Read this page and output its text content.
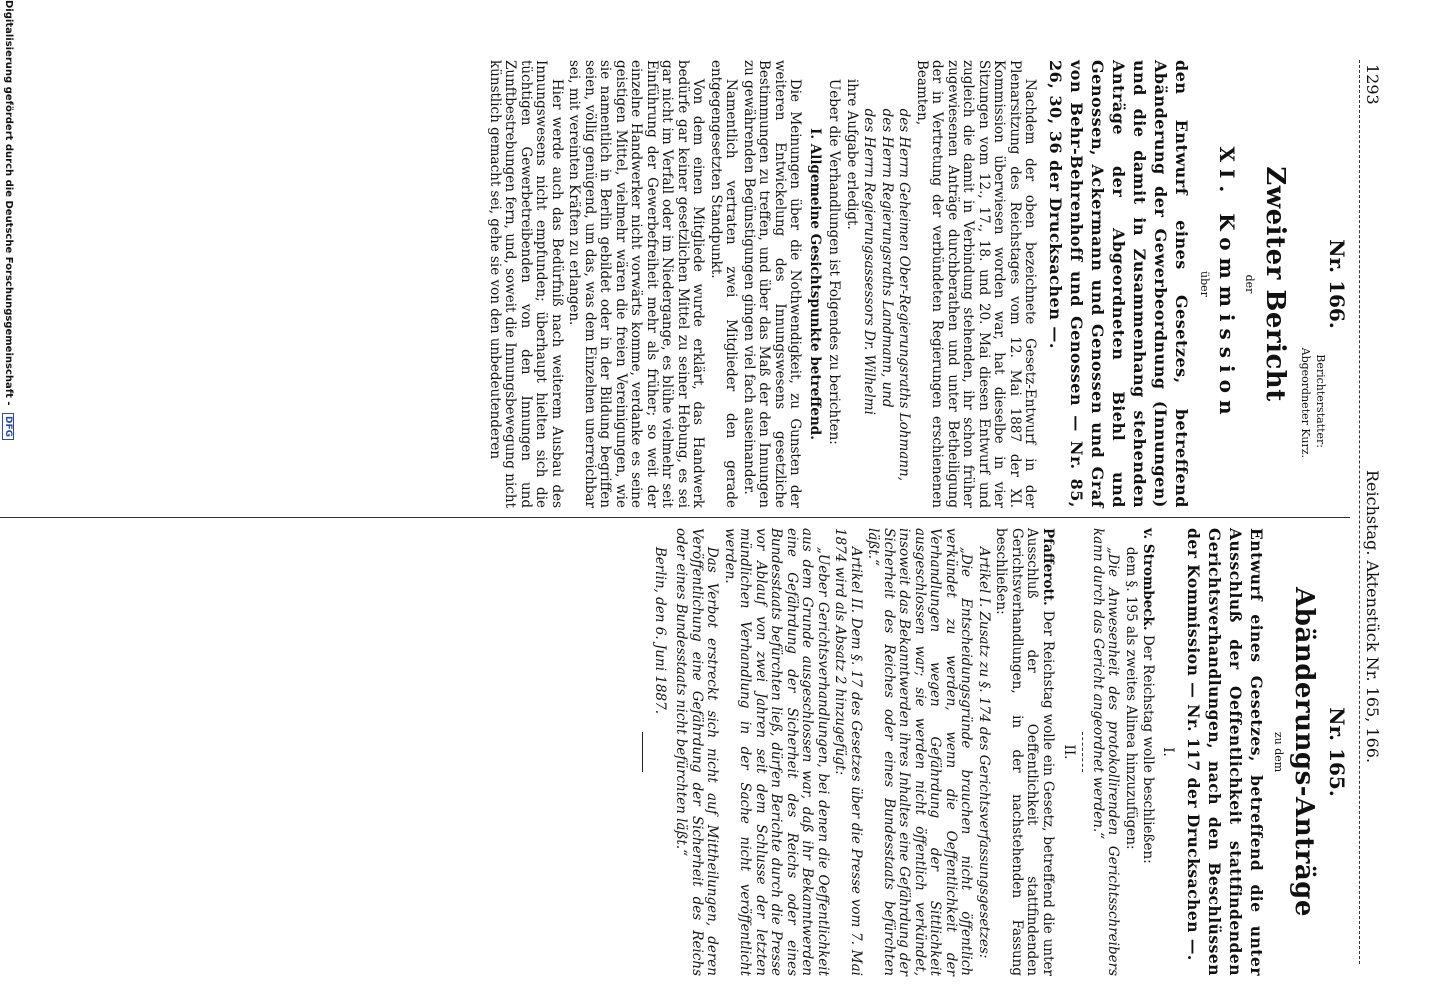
1293
Reichstag. Aktenstück Nr. 165, 166.
Nr. 166.
Berichterstatter:
Abgeordneter Kurz.
Zweiter Bericht
der
XI. Kommission
über
den Entwurf eines Gesetzes, betreffend Abänderung der Gewerbeordnung (Innungen) und die damit in Zusammenhang stehenden Anträge der Abgeordneten Biehl und Genossen, Ackermann und Genossen und Graf von Behr-Behrenhoff und Genossen — Nr. 85, 26, 30, 36 der Drucksachen —.

Nachdem der oben bezeichnete Gesetz-Entwurf in der Plenarsitzung des Reichstages vom 12. Mai 1887 der XI. Kommission überwiesen worden war, hat dieselbe in vier Sitzungen vom 12., 17., 18. und 20. Mai diesen Entwurf und zugleich die damit in Verbindung stehenden, ihr schon früher zugewiesenen Anträge durchberathen und unter Betheiligung der in Vertretung der verbündeten Regierungen erschienenen Beamten,

des Herrn Geheimen Ober-Regierungsraths Lohmann,

des Herrn Regierungsraths Landmann, und

des Herrn Regierungsassessors Dr. Wilhelmi

ihre Aufgabe erledigt.

Ueber die Verhandlungen ist Folgendes zu berichten:

I. Allgemeine Gesichtspunkte betreffend.

Die Meinungen über die Nothwendigkeit, zu Gunsten der weiteren Entwickelung des Innungswesens gesetzliche Bestimmungen zu treffen, und über das Maß der den Innungen zu gewährenden Begünstigungen gingen viel fach auseinander.

Namentlich vertraten zwei Mitglieder den gerade entgegengesetzten Standpunkt.

Von dem einen Mitgliede wurde erklärt, das Handwerk bedürfe gar keiner gesetzlichen Mittel zu seiner Hebung, es sei gar nicht im Verfall oder im Niedergange, es blühe vielmehr seit Einführung der Gewerbefreiheit mehr als früher; so weit der einzelne Handwerker nicht vorwärts komme, verdanke es seine geistigen Mittel, vielmehr wären die freien Vereinigungen, wie sie namentlich in Berlin gebildet oder in der Bildung begriffen seien, völlig genügend, um das, was dem Einzelnen unerreichbar sei, mit vereinten Kräften zu erlangen.

Hier werde auch das Bedürfniß nach weiterem Ausbau des Innungswesens nicht empfunden; überhaupt hielten sich die tüchtigen Gewerbetreibenden von den Innungen und Zunftbestrebungen fern, und, soweit die Innungsbewegung nicht künstlich gemacht sei, gehe sie von den unbedeutenderen

Nr. 165.
Abänderungs-Anträge
zu dem
Entwurf eines Gesetzes, betreffend die unter Ausschluß der Oeffentlichkeit stattfindenden Gerichtsverhandlungen, nach den Beschlüssen der Kommission — Nr. 117 der Drucksachen —.
I.

v. Strombeck. Der Reichstag wolle beschließen:

dem §. 195 als zweites Alinea hinzuzufügen:

„Die Anwesenheit des protokollirenden Gerichtsschreibers kann durch das Gericht angeordnet werden.“

II.

Pfafferott. Der Reichstag wolle ein Gesetz, betreffend die unter Ausschluß der Oeffentlichkeit stattfindenden Gerichtsverhandlungen, in der nachstehenden Fassung beschließen:

Artikel I. Zusatz zu §. 174 des Gerichtsverfassungsgesetzes:

„Die Entscheidungsgründe brauchen nicht öffentlich verkündet zu werden, wenn die Oeffentlichkeit der Verhandlungen wegen Gefährdung der Sittlichkeit ausgeschlossen war; sie werden nicht öffentlich verkündet, insoweit das Bekanntwerden ihres Inhaltes eine Gefährdung der Sicherheit des Reiches oder eines Bundesstaats befürchten läßt.“

Artikel II. Dem §. 17 des Gesetzes über die Presse vom 7. Mai 1874 wird als Absatz 2 hinzugefügt:

„Ueber Gerichtsverhandlungen, bei denen die Oeffentlichkeit aus dem Grunde ausgeschlossen war, daß ihr Bekanntwerden eine Gefährdung der Sicherheit des Reichs oder eines Bundesstaats befürchten ließ, dürfen Berichte durch die Presse vor Ablauf von zwei Jahren seit dem Schlusse der letzten mündlichen Verhandlung in der Sache nicht veröffentlicht werden.

Das Verbot erstreckt sich nicht auf Mittheilungen, deren Veröffentlichung eine Gefährdung der Sicherheit des Reichs oder eines Bundesstaats nicht befürchten läßt.“

Berlin, den 6. Juni 1887.

Digitalisierung gefördert durch die Deutsche Forschungsgemeinschaft - DFG
